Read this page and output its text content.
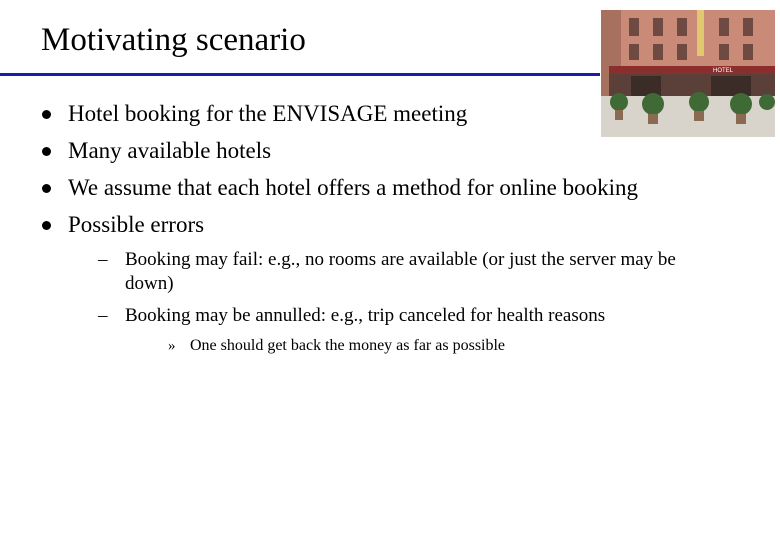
Motivating scenario
HOTEL
Hotel booking for the ENVISAGE meeting
Many available hotels
We assume that each hotel offers a method for online booking
Possible errors
– Booking may fail: e.g., no rooms are available (or just the server may be down)
– Booking may be annulled: e.g., trip canceled for health reasons
» One should get back the money as far as possible
